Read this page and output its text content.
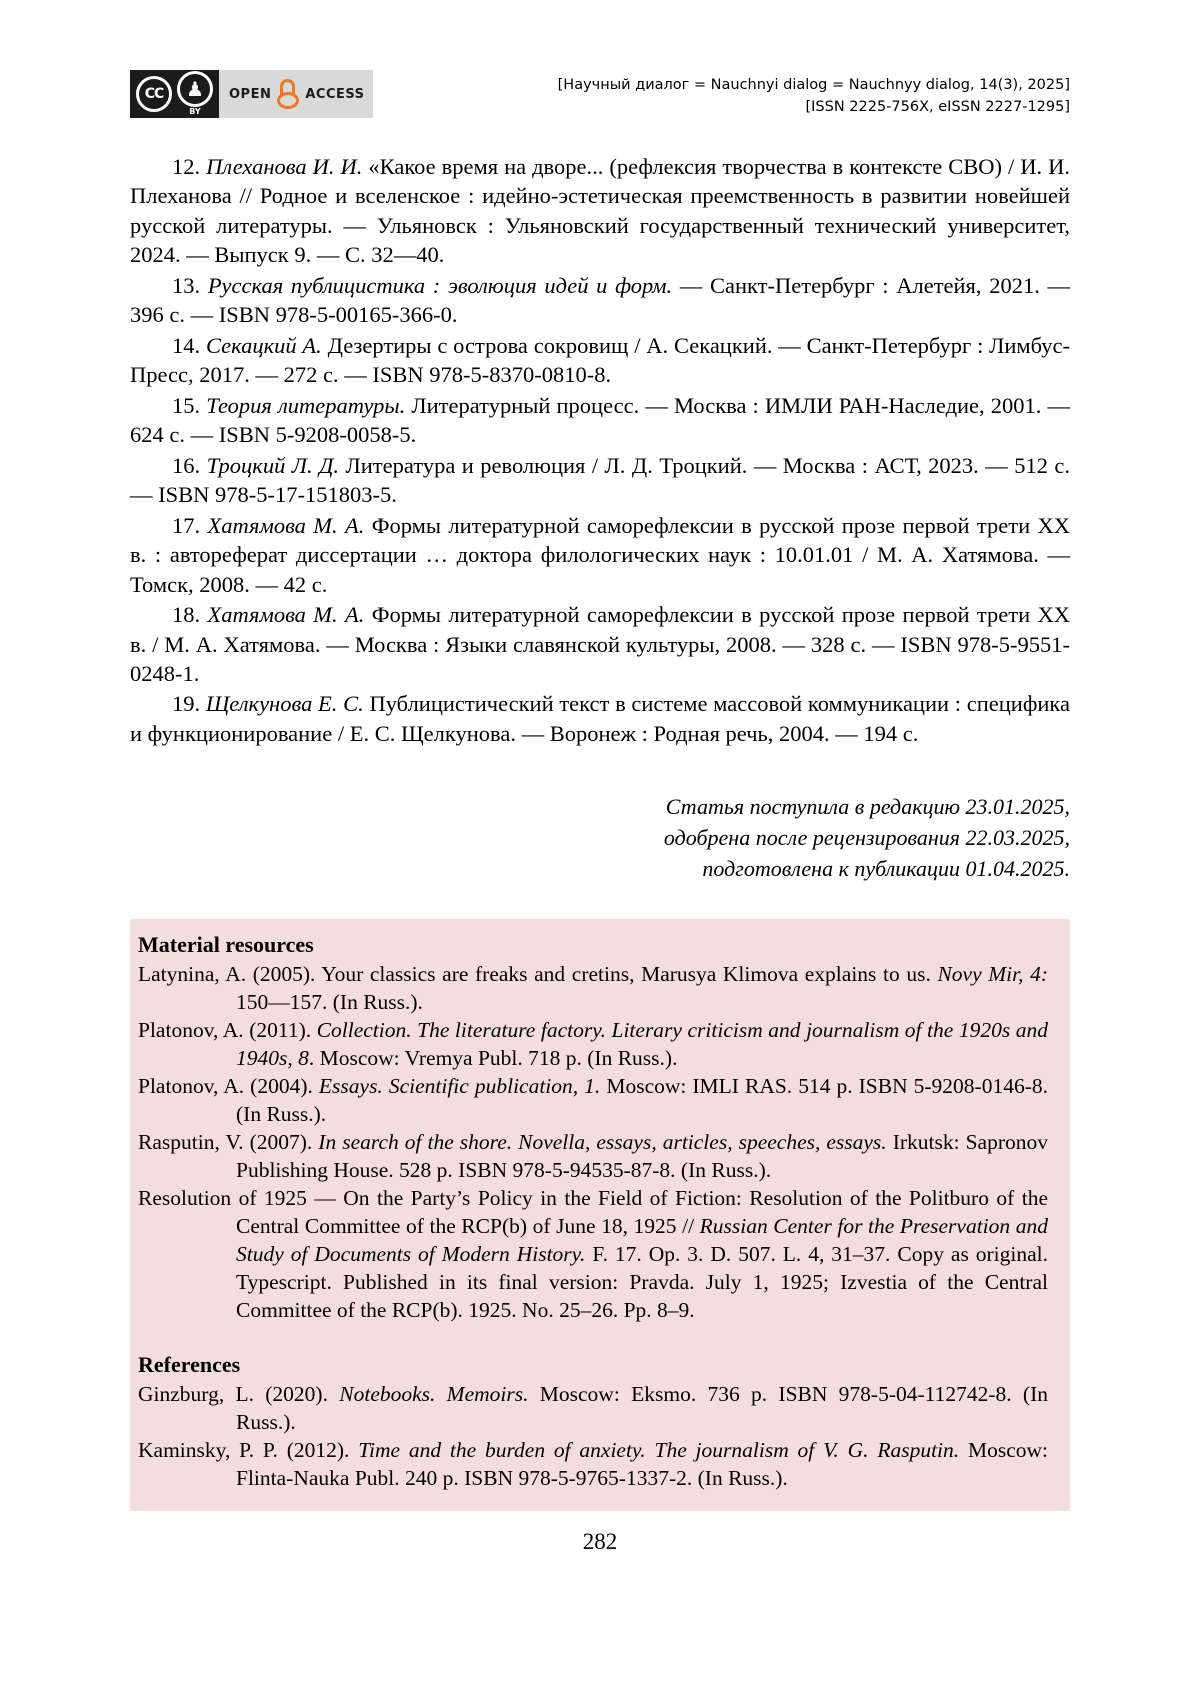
CC	♟
BY
OPEN	ACCESS
[Научный диалог = Nauchnyi dialog = Nauchnyy dialog, 14(3), 2025]
[ISSN 2225-756X, eISSN 2227-1295]
12. Плеханова И. И. «Какое время на дворе... (рефлексия творчества в контексте СВО) / И. И. Плеханова // Родное и вселенское : идейно-эстетическая преемственность в развитии новейшей русской литературы. — Ульяновск : Ульяновский государственный технический университет, 2024. — Выпуск 9. — С. 32—40.
13. Русская публицистика : эволюция идей и форм. — Санкт-Петербург : Алетейя, 2021. — 396 с. — ISBN 978-5-00165-366-0.
14. Секацкий А. Дезертиры с острова сокровищ / А. Секацкий. — Санкт-Петербург : Лимбус-Пресс, 2017. — 272 с. — ISBN 978-5-8370-0810-8.
15. Теория литературы. Литературный процесс. — Москва : ИМЛИ РАН-Наследие, 2001. — 624 с. — ISBN 5-9208-0058-5.
16. Троцкий Л. Д. Литература и революция / Л. Д. Троцкий. — Москва : АСТ, 2023. — 512 с. — ISBN 978-5-17-151803-5.
17. Хатямова М. А. Формы литературной саморефлексии в русской прозе первой трети XX в. : автореферат диссертации … доктора филологических наук : 10.01.01 / М. А. Хатямова. — Томск, 2008. — 42 с.
18. Хатямова М. А. Формы литературной саморефлексии в русской прозе первой трети XX в. / М. А. Хатямова. — Москва : Языки славянской культуры, 2008. — 328 с. — ISBN 978-5-9551-0248-1.
19. Щелкунова Е. С. Публицистический текст в системе массовой коммуникации : специфика и функционирование / Е. С. Щелкунова. — Воронеж : Родная речь, 2004. — 194 с.
Статья поступила в редакцию 23.01.2025,
одобрена после рецензирования 22.03.2025,
подготовлена к публикации 01.04.2025.
Material resources
Latynina, A. (2005). Your classics are freaks and cretins, Marusya Klimova explains to us. Novy Mir, 4: 150—157. (In Russ.).
Platonov, A. (2011). Collection. The literature factory. Literary criticism and journalism of the 1920s and 1940s, 8. Moscow: Vremya Publ. 718 p. (In Russ.).
Platonov, A. (2004). Essays. Scientific publication, 1. Moscow: IMLI RAS. 514 p. ISBN 5-9208-0146-8. (In Russ.).
Rasputin, V. (2007). In search of the shore. Novella, essays, articles, speeches, essays. Irkutsk: Sapronov Publishing House. 528 p. ISBN 978-5-94535-87-8. (In Russ.).
Resolution of 1925 — On the Party’s Policy in the Field of Fiction: Resolution of the Politburo of the Central Committee of the RCP(b) of June 18, 1925 // Russian Center for the Preservation and Study of Documents of Modern History. F. 17. Op. 3. D. 507. L. 4, 31–37. Copy as original. Typescript. Published in its final version: Pravda. July 1, 1925; Izvestia of the Central Committee of the RCP(b). 1925. No. 25–26. Pp. 8–9.
References
Ginzburg, L. (2020). Notebooks. Memoirs. Moscow: Eksmo. 736 p. ISBN 978-5-04-112742-8. (In Russ.).
Kaminsky, P. P. (2012). Time and the burden of anxiety. The journalism of V. G. Rasputin. Moscow: Flinta-Nauka Publ. 240 p. ISBN 978-5-9765-1337-2. (In Russ.).
282
